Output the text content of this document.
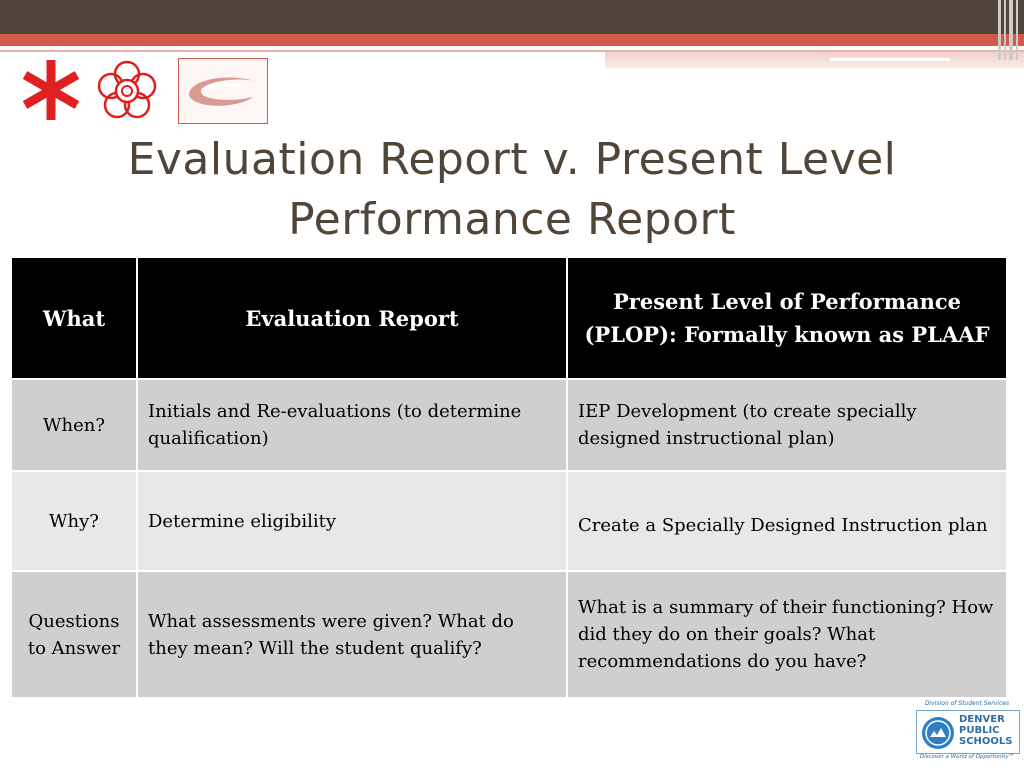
Evaluation Report v. Present Level Performance Report
What	Evaluation Report	Present Level of Performance (PLOP): Formally known as PLAAF
When?	Initials and Re-evaluations (to determine qualification)	IEP Development (to create specially designed instructional plan)
Why?	Determine eligibility	Create a Specially Designed Instruction plan
Questions to Answer	What assessments were given? What do they mean? Will the student qualify?	What is a summary of their functioning? How did they do on their goals? What recommendations do you have?
Division of Student Services
DENVER
PUBLIC
SCHOOLS
Discover a World of Opportunity™
